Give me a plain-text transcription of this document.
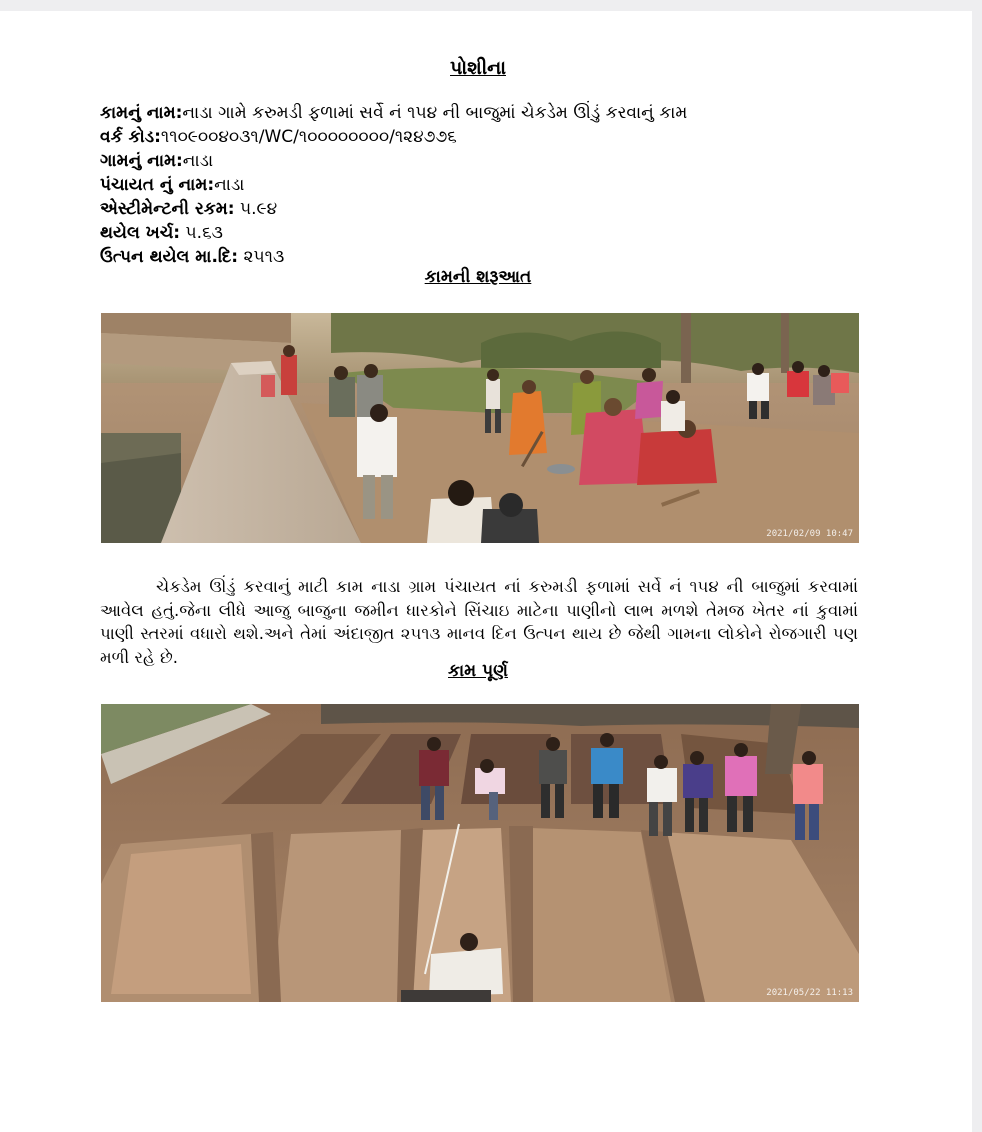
પોશીના
કામનું નામ:નાડા ગામે કરુમડી ફળામાં સર્વે નં ૧૫૪ ની બાજુમાં ચેકડેમ ઊંડું કરવાનું કામ
વર્ક કોડ:૧૧૦૯૦૦૪૦૩૧/WC/૧૦૦૦૦૦૦૦૦/૧૨૪૭૭૬
ગામનું નામ:નાડા
પંચાયત નું નામ:નાડા
એસ્ટીમેન્ટની રકમ: ૫.૯૪
થયેલ ખર્ચ: ૫.૬૩
ઉત્પન થયેલ મા.દિ: ૨૫૧૩
કામની શરૂઆત
2021/02/09 10:47
ચેકડેમ ઊંડું કરવાનું માટી કામ નાડા ગ્રામ પંચાયત નાં કરુમડી ફળામાં સર્વે નં ૧૫૪ ની બાજુમાં કરવામાં આવેલ હતું.જેના લીધે આજુ બાજુના જમીન ધારકોને સિંચાઇ માટેના પાણીનો લાભ મળશે તેમજ ખેતર નાં કુવામાં પાણી સ્તરમાં વધારો થશે.અને તેમાં અંદાજીત ૨૫૧૩ માનવ દિન ઉત્પન થાય છે જેથી ગામના લોકોને રોજગારી પણ મળી રહે છે.
કામ પૂર્ણ
2021/05/22 11:13
